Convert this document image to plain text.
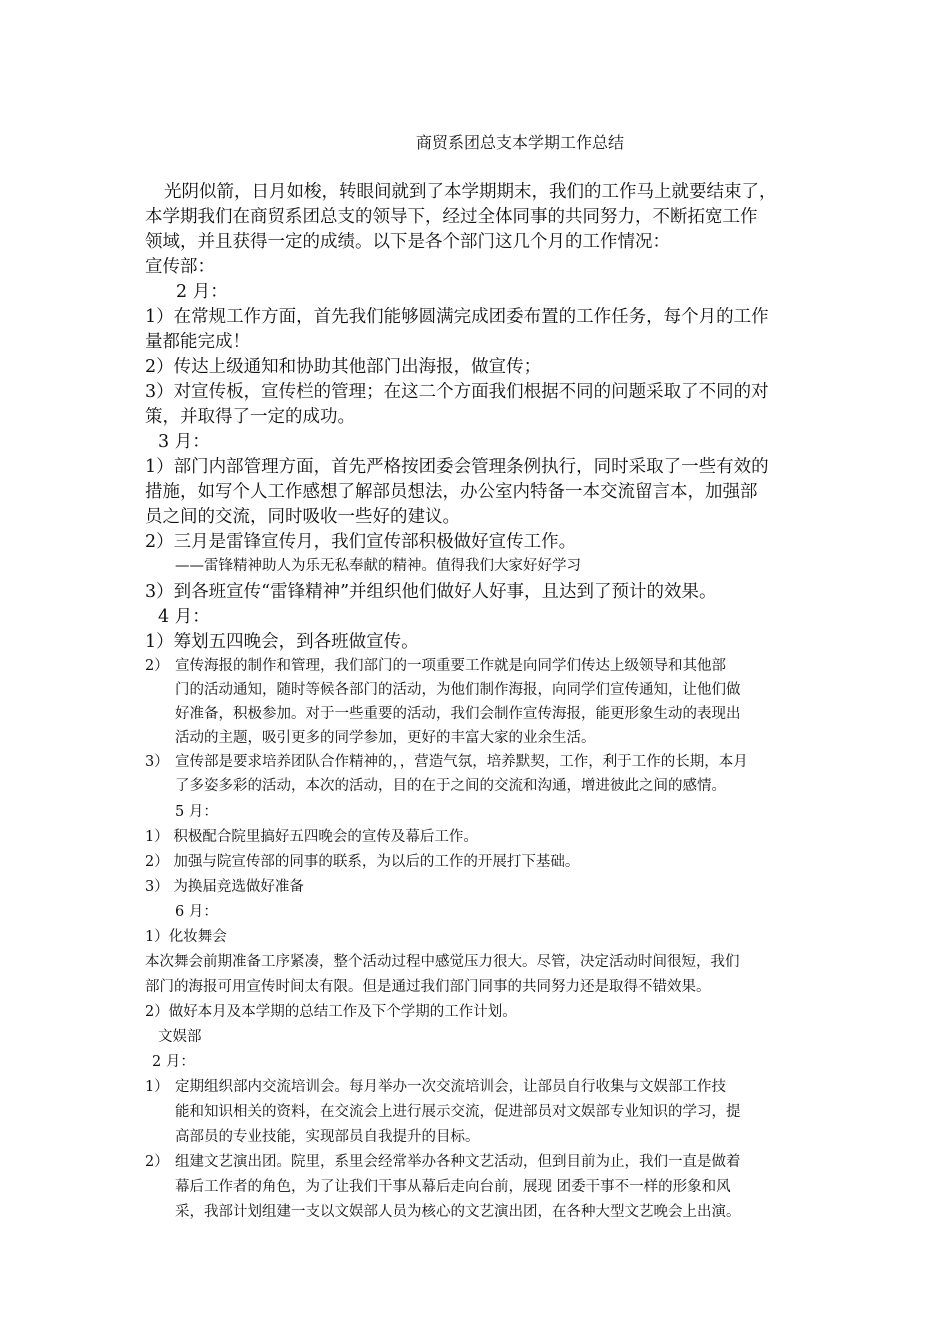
商贸系团总支本学期工作总结
光阴似箭，日月如梭，转眼间就到了本学期期末，我们的工作马上就要结束了，
本学期我们在商贸系团总支的领导下，经过全体同事的共同努力，不断拓宽工作
领域，并且获得一定的成绩。以下是各个部门这几个月的工作情况：
宣传部：
2 月：
1）在常规工作方面，首先我们能够圆满完成团委布置的工作任务，每个月的工作
量都能完成！
2）传达上级通知和协助其他部门出海报，做宣传；
3）对宣传板，宣传栏的管理；在这二个方面我们根据不同的问题采取了不同的对
策，并取得了一定的成功。
3 月：
1）部门内部管理方面，首先严格按团委会管理条例执行，同时采取了一些有效的
措施，如写个人工作感想了解部员想法，办公室内特备一本交流留言本，加强部
员之间的交流，同时吸收一些好的建议。
2）三月是雷锋宣传月，我们宣传部积极做好宣传工作。
——雷锋精神助人为乐无私奉献的精神。值得我们大家好好学习
3）到各班宣传“雷锋精神”并组织他们做好人好事，且达到了预计的效果。
4 月：
1）筹划五四晚会，到各班做宣传。
2） 宣传海报的制作和管理，我们部门的一项重要工作就是向同学们传达上级领导和其他部
门的活动通知，随时等候各部门的活动，为他们制作海报，向同学们宣传通知，让他们做
好准备，积极参加。对于一些重要的活动，我们会制作宣传海报，能更形象生动的表现出
活动的主题，吸引更多的同学参加，更好的丰富大家的业余生活。
3） 宣传部是要求培养团队合作精神的，，营造气氛，培养默契，工作，利于工作的长期，本月
了多姿多彩的活动，本次的活动，目的在于之间的交流和沟通，增进彼此之间的感情。
5 月：
1） 积极配合院里搞好五四晚会的宣传及幕后工作。
2） 加强与院宣传部的同事的联系，为以后的工作的开展打下基础。
3） 为换届竞选做好准备
6 月：
1）化妆舞会
本次舞会前期准备工序紧凑，整个活动过程中感觉压力很大。尽管，决定活动时间很短，我们
部门的海报可用宣传时间太有限。但是通过我们部门同事的共同努力还是取得不错效果。
2）做好本月及本学期的总结工作及下个学期的工作计划。
文娱部
2 月：
1） 定期组织部内交流培训会。每月举办一次交流培训会，让部员自行收集与文娱部工作技
能和知识相关的资料，在交流会上进行展示交流，促进部员对文娱部专业知识的学习，提
高部员的专业技能，实现部员自我提升的目标。
2） 组建文艺演出团。院里，系里会经常举办各种文艺活动，但到目前为止，我们一直是做着
幕后工作者的角色，为了让我们干事从幕后走向台前，展现 团委干事不一样的形象和风
采，我部计划组建一支以文娱部人员为核心的文艺演出团，在各种大型文艺晚会上出演。
